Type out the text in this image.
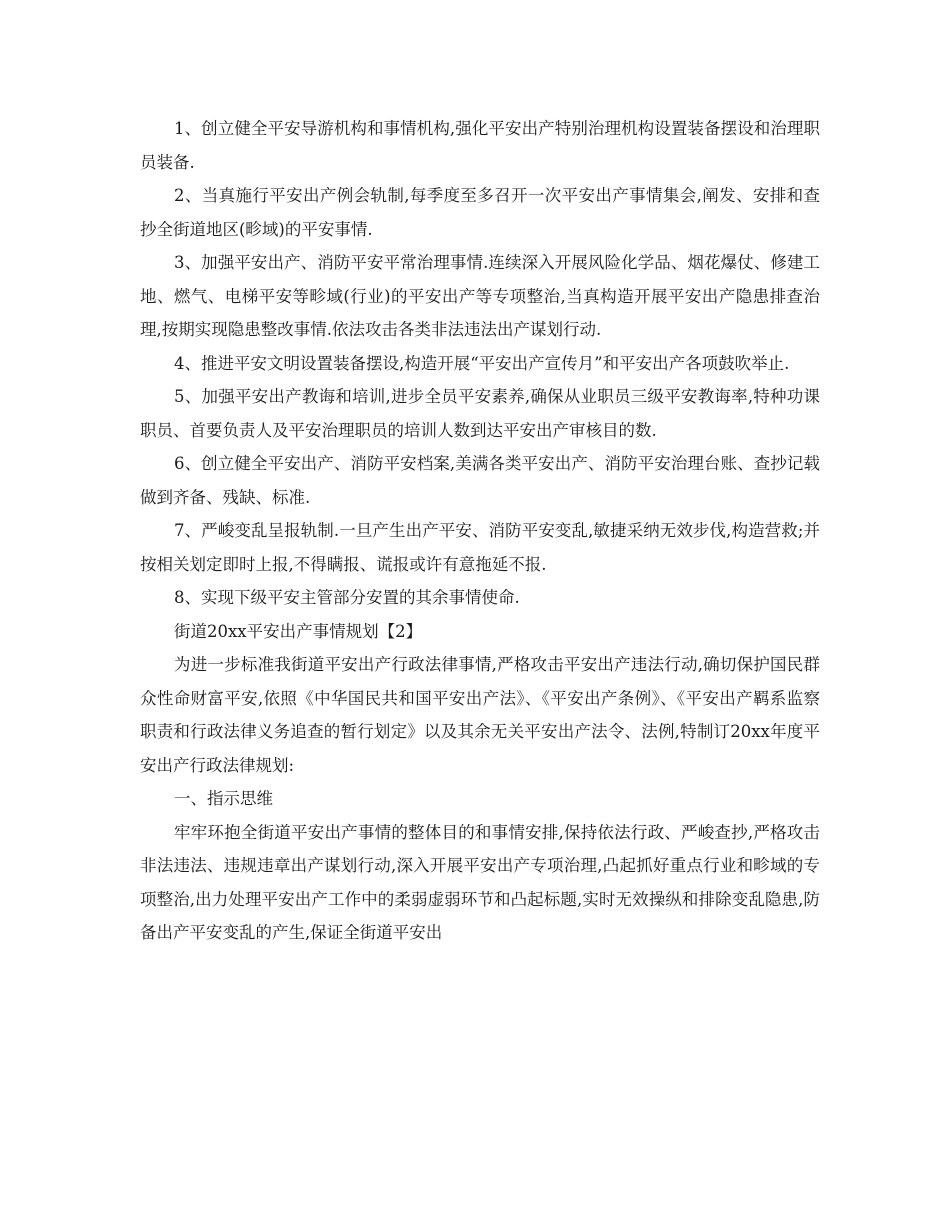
1、创立健全平安导游机构和事情机构,强化平安出产特别治理机构设置装备摆设和治理职员装备.

2、当真施行平安出产例会轨制,每季度至多召开一次平安出产事情集会,阐发、安排和查抄全街道地区(畛域)的平安事情.

3、加强平安出产、消防平安平常治理事情.连续深入开展风险化学品、烟花爆仗、修建工地、燃气、电梯平安等畛域(行业)的平安出产等专项整治,当真构造开展平安出产隐患排查治理,按期实现隐患整改事情.依法攻击各类非法违法出产谋划行动.

4、推进平安文明设置装备摆设,构造开展“平安出产宣传月”和平安出产各项鼓吹举止.

5、加强平安出产教诲和培训,进步全员平安素养,确保从业职员三级平安教诲率,特种功课职员、首要负责人及平安治理职员的培训人数到达平安出产审核目的数.

6、创立健全平安出产、消防平安档案,美满各类平安出产、消防平安治理台账、查抄记载做到齐备、残缺、标准.

7、严峻变乱呈报轨制.一旦产生出产平安、消防平安变乱,敏捷采纳无效步伐,构造营救;并按相关划定即时上报,不得瞒报、谎报或许有意拖延不报.

8、实现下级平安主管部分安置的其余事情使命.

街道20xx平安出产事情规划【2】

为进一步标准我街道平安出产行政法律事情,严格攻击平安出产违法行动,确切保护国民群众性命财富平安,依照《中华国民共和国平安出产法》、《平安出产条例》、《平安出产羁系监察职责和行政法律义务追查的暂行划定》以及其余无关平安出产法令、法例,特制订20xx年度平安出产行政法律规划:

一、指示思维

牢牢环抱全街道平安出产事情的整体目的和事情安排,保持依法行政、严峻查抄,严格攻击非法违法、违规违章出产谋划行动,深入开展平安出产专项治理,凸起抓好重点行业和畛域的专项整治,出力处理平安出产工作中的柔弱虚弱环节和凸起标题,实时无效操纵和排除变乱隐患,防备出产平安变乱的产生,保证全街道平安出
